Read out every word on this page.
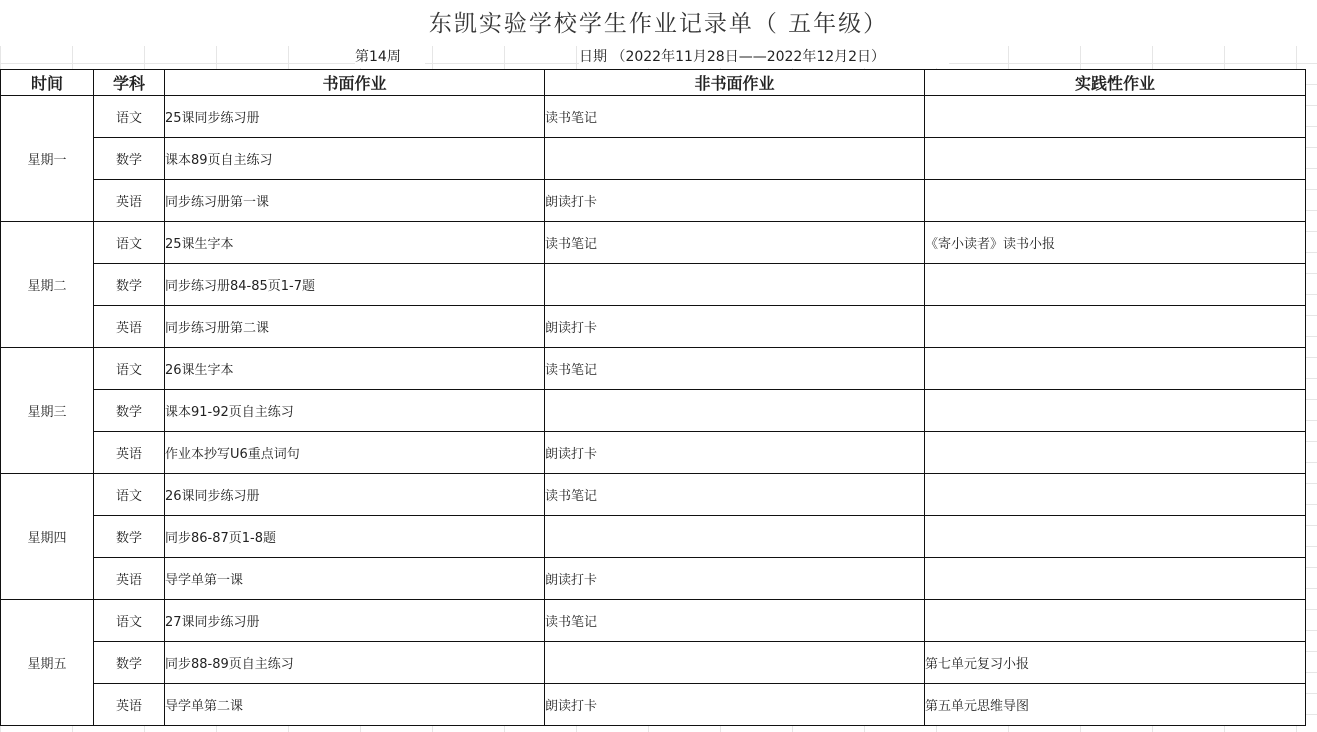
东凯实验学校学生作业记录单（ 五年级）
第14周	日期 （2022年11月28日——2022年12月2日）
时间	学科	书面作业	非书面作业	实践性作业
星期一	语文	25课同步练习册	读书笔记	
	数学	课本89页自主练习		
	英语	同步练习册第一课	朗读打卡	
星期二	语文	25课生字本	读书笔记	《寄小读者》读书小报
	数学	同步练习册84-85页1-7题		
	英语	同步练习册第二课	朗读打卡	
星期三	语文	26课生字本	读书笔记	
	数学	课本91-92页自主练习		
	英语	作业本抄写U6重点词句	朗读打卡	
星期四	语文	26课同步练习册	读书笔记	
	数学	同步86-87页1-8题		
	英语	导学单第一课	朗读打卡	
星期五	语文	27课同步练习册	读书笔记	
	数学	同步88-89页自主练习		第七单元复习小报
	英语	导学单第二课	朗读打卡	第五单元思维导图
